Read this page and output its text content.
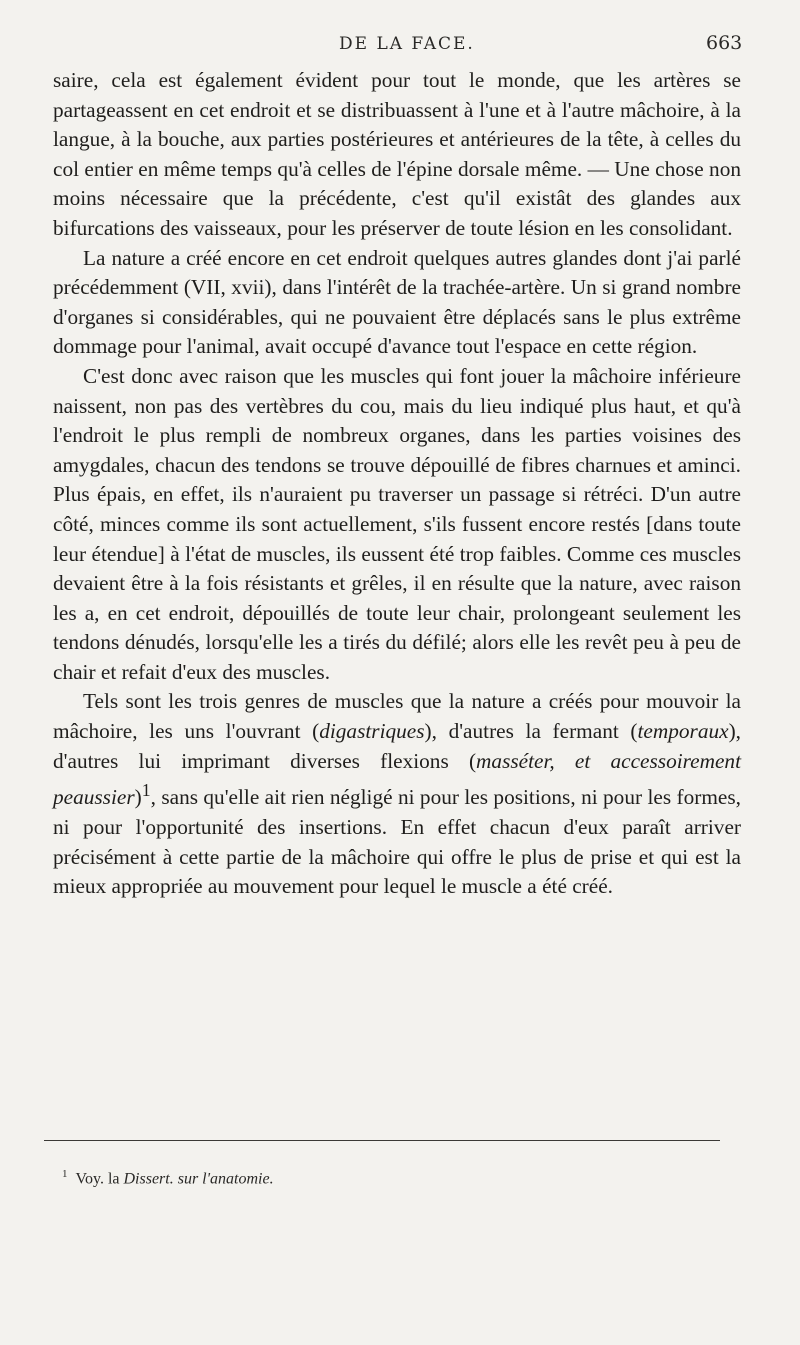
DE LA FACE.	663

saire, cela est également évident pour tout le monde, que les artères se partageassent en cet endroit et se distribuassent à l'une et à l'autre mâchoire, à la langue, à la bouche, aux parties postérieures et antérieures de la tête, à celles du col entier en même temps qu'à celles de l'épine dorsale même. — Une chose non moins nécessaire que la précédente, c'est qu'il existât des glandes aux bifurcations des vaisseaux, pour les préserver de toute lésion en les consolidant.

La nature a créé encore en cet endroit quelques autres glandes dont j'ai parlé précédemment (VII, xvii), dans l'intérêt de la trachée-artère. Un si grand nombre d'organes si considérables, qui ne pouvaient être déplacés sans le plus extrême dommage pour l'animal, avait occupé d'avance tout l'espace en cette région.

C'est donc avec raison que les muscles qui font jouer la mâchoire inférieure naissent, non pas des vertèbres du cou, mais du lieu indiqué plus haut, et qu'à l'endroit le plus rempli de nombreux organes, dans les parties voisines des amygdales, chacun des tendons se trouve dépouillé de fibres charnues et aminci. Plus épais, en effet, ils n'auraient pu traverser un passage si rétréci. D'un autre côté, minces comme ils sont actuellement, s'ils fussent encore restés [dans toute leur étendue] à l'état de muscles, ils eussent été trop faibles. Comme ces muscles devaient être à la fois résistants et grêles, il en résulte que la nature, avec raison les a, en cet endroit, dépouillés de toute leur chair, prolongeant seulement les tendons dénudés, lorsqu'elle les a tirés du défilé; alors elle les revêt peu à peu de chair et refait d'eux des muscles.

Tels sont les trois genres de muscles que la nature a créés pour mouvoir la mâchoire, les uns l'ouvrant (digastriques), d'autres la fermant (temporaux), d'autres lui imprimant diverses flexions (masséter, et accessoirement peaussier)$^1$, sans qu'elle ait rien négligé ni pour les positions, ni pour les formes, ni pour l'opportunité des insertions. En effet chacun d'eux paraît arriver précisément à cette partie de la mâchoire qui offre le plus de prise et qui est la mieux appropriée au mouvement pour lequel le muscle a été créé.

$^1$ Voy. la Dissert. sur l'anatomie.
